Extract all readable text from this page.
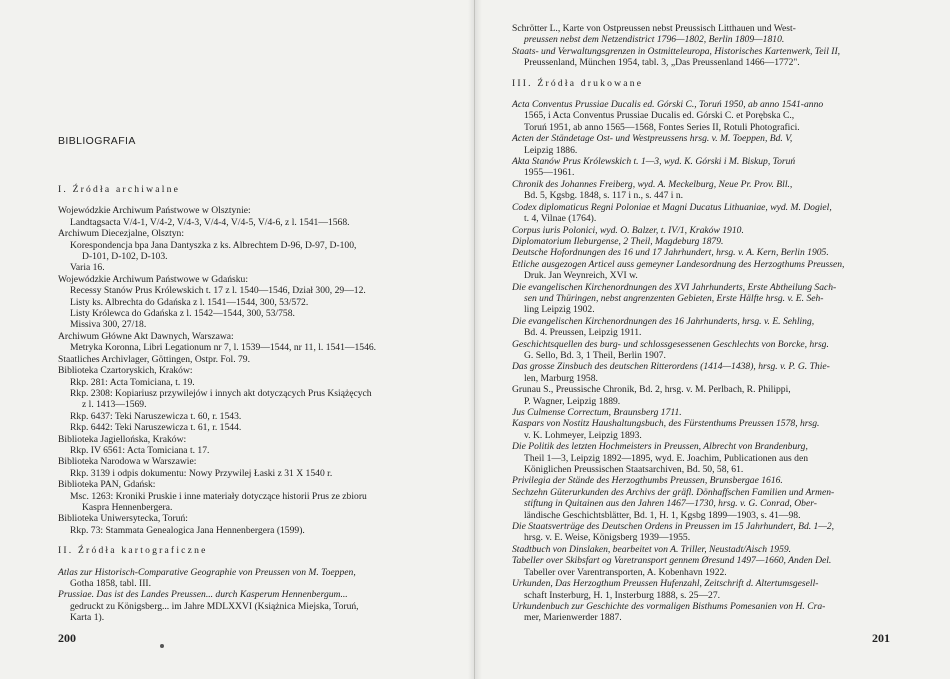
BIBLIOGRAFIA
I. Źródła archiwalne
Wojewódzkie Archiwum Państwowe w Olsztynie:
Landtagsacta V/4-1, V/4-2, V/4-3, V/4-4, V/4-5, V/4-6, z l. 1541—1568.
Archiwum Diecezjalne, Olsztyn:
Korespondencja bpa Jana Dantyszka z ks. Albrechtem D-96, D-97, D-100,
D-101, D-102, D-103.
Varia 16.
Wojewódzkie Archiwum Państwowe w Gdańsku:
Recessy Stanów Prus Królewskich t. 17 z l. 1540—1546, Dział 300, 29—12.
Listy ks. Albrechta do Gdańska z l. 1541—1544, 300, 53/572.
Listy Królewca do Gdańska z l. 1542—1544, 300, 53/758.
Missiva 300, 27/18.
Archiwum Główne Akt Dawnych, Warszawa:
Metryka Koronna, Libri Legationum nr 7, l. 1539—1544, nr 11, l. 1541—1546.
Staatliches Archivlager, Göttingen, Ostpr. Fol. 79.
Biblioteka Czartoryskich, Kraków:
Rkp. 281: Acta Tomiciana, t. 19.
Rkp. 2308: Kopiariusz przywilejów i innych akt dotyczących Prus Książęcych
z l. 1413—1569.
Rkp. 6437: Teki Naruszewicza t. 60, r. 1543.
Rkp. 6442: Teki Naruszewicza t. 61, r. 1544.
Biblioteka Jagiellońska, Kraków:
Rkp. IV 6561: Acta Tomiciana t. 17.
Biblioteka Narodowa w Warszawie:
Rkp. 3139 i odpis dokumentu: Nowy Przywilej Łaski z 31 X 1540 r.
Biblioteka PAN, Gdańsk:
Msc. 1263: Kroniki Pruskie i inne materiały dotyczące historii Prus ze zbioru
Kaspra Hennenbergera.
Biblioteka Uniwersytecka, Toruń:
Rkp. 73: Stammata Genealogica Jana Hennenbergera (1599).
II. Źródła kartograficzne
Atlas zur Historisch-Comparative Geographie von Preussen von M. Toeppen,
Gotha 1858, tabl. III.
Prussiae. Das ist des Landes Preussen... durch Kasperum Hennenbergum...
gedruckt zu Königsberg... im Jahre MDLXXVI (Książnica Miejska, Toruń,
Karta 1).
200
Schrötter L., Karte von Ostpreussen nebst Preussisch Litthauen und West-
preussen nebst dem Netzendistrict 1796—1802, Berlin 1809—1810.
Staats- und Verwaltungsgrenzen in Ostmitteleuropa, Historisches Kartenwerk, Teil II,
Preussenland, München 1954, tabl. 3, „Das Preussenland 1466—1772".
III. Źródła drukowane
Acta Conventus Prussiae Ducalis ed. Górski C., Toruń 1950, ab anno 1541-anno
1565, i Acta Conventus Prussiae Ducalis ed. Górski C. et Porębska C.,
Toruń 1951, ab anno 1565—1568, Fontes Series II, Rotuli Photografici.
Acten der Ständetage Ost- und Westpreussens hrsg. v. M. Toeppen, Bd. V,
Leipzig 1886.
Akta Stanów Prus Królewskich t. 1—3, wyd. K. Górski i M. Biskup, Toruń
1955—1961.
Chronik des Johannes Freiberg, wyd. A. Meckelburg, Neue Pr. Prov. Bll.,
Bd. 5, Kgsbg. 1848, s. 117 i n., s. 447 i n.
Codex diplomaticus Regni Poloniae et Magni Ducatus Lithuaniae, wyd. M. Dogiel,
t. 4, Vilnae (1764).
Corpus iuris Polonici, wyd. O. Balzer, t. IV/1, Kraków 1910.
Diplomatorium Ileburgense, 2 Theil, Magdeburg 1879.
Deutsche Hofordnungen des 16 und 17 Jahrhundert, hrsg. v. A. Kern, Berlin 1905.
Etliche ausgezogen Articel auss gemeyner Landesordnung des Herzogthums Preussen,
Druk. Jan Weynreich, XVI w.
Die evangelischen Kirchenordnungen des XVI Jahrhunderts, Erste Abtheilung Sach-
sen und Thüringen, nebst angrenzenten Gebieten, Erste Hälfte hrsg. v. E. Seh-
ling Leipzig 1902.
Die evangelischen Kirchenordnungen des 16 Jahrhunderts, hrsg. v. E. Sehling,
Bd. 4. Preussen, Leipzig 1911.
Geschichtsquellen des burg- und schlossgesessenen Geschlechts von Borcke, hrsg.
G. Sello, Bd. 3, 1 Theil, Berlin 1907.
Das grosse Zinsbuch des deutschen Ritterordens (1414—1438), hrsg. v. P. G. Thie-
len, Marburg 1958.
Grunau S., Preussische Chronik, Bd. 2, hrsg. v. M. Perlbach, R. Philippi,
P. Wagner, Leipzig 1889.
Jus Culmense Correctum, Braunsberg 1711.
Kaspars von Nostitz Haushaltungsbuch, des Fürstenthums Preussen 1578, hrsg.
v. K. Lohmeyer, Leipzig 1893.
Die Politik des letzten Hochmeisters in Preussen, Albrecht von Brandenburg,
Theil 1—3, Leipzig 1892—1895, wyd. E. Joachim, Publicationen aus den
Königlichen Preussischen Staatsarchiven, Bd. 50, 58, 61.
Privilegia der Stände des Herzogthumbs Preussen, Brunsbergae 1616.
Sechzehn Güterurkunden des Archivs der gräfl. Dönhaffschen Familien und Armen-
stiftung in Quitainen aus den Jahren 1467—1730, hrsg. v. G. Conrad, Ober-
ländische Geschichtsblätter, Bd. 1, H. 1, Kgsbg 1899—1903, s. 41—98.
Die Staatsverträge des Deutschen Ordens in Preussen im 15 Jahrhundert, Bd. 1—2,
hrsg. v. E. Weise, Königsberg 1939—1955.
Stadtbuch von Dinslaken, bearbeitet von A. Triller, Neustadt/Aisch 1959.
Tabeller over Skibsfart og Varetransport gennem Øresund 1497—1660, Anden Del.
Tabeller over Varentransporten, A. Kobenhavn 1922.
Urkunden, Das Herzogthum Preussen Hufenzahl, Zeitschrift d. Altertumsgesell-
schaft Insterburg, H. 1, Insterburg 1888, s. 25—27.
Urkundenbuch zur Geschichte des vormaligen Bisthums Pomesanien von H. Cra-
mer, Marienwerder 1887.
201
